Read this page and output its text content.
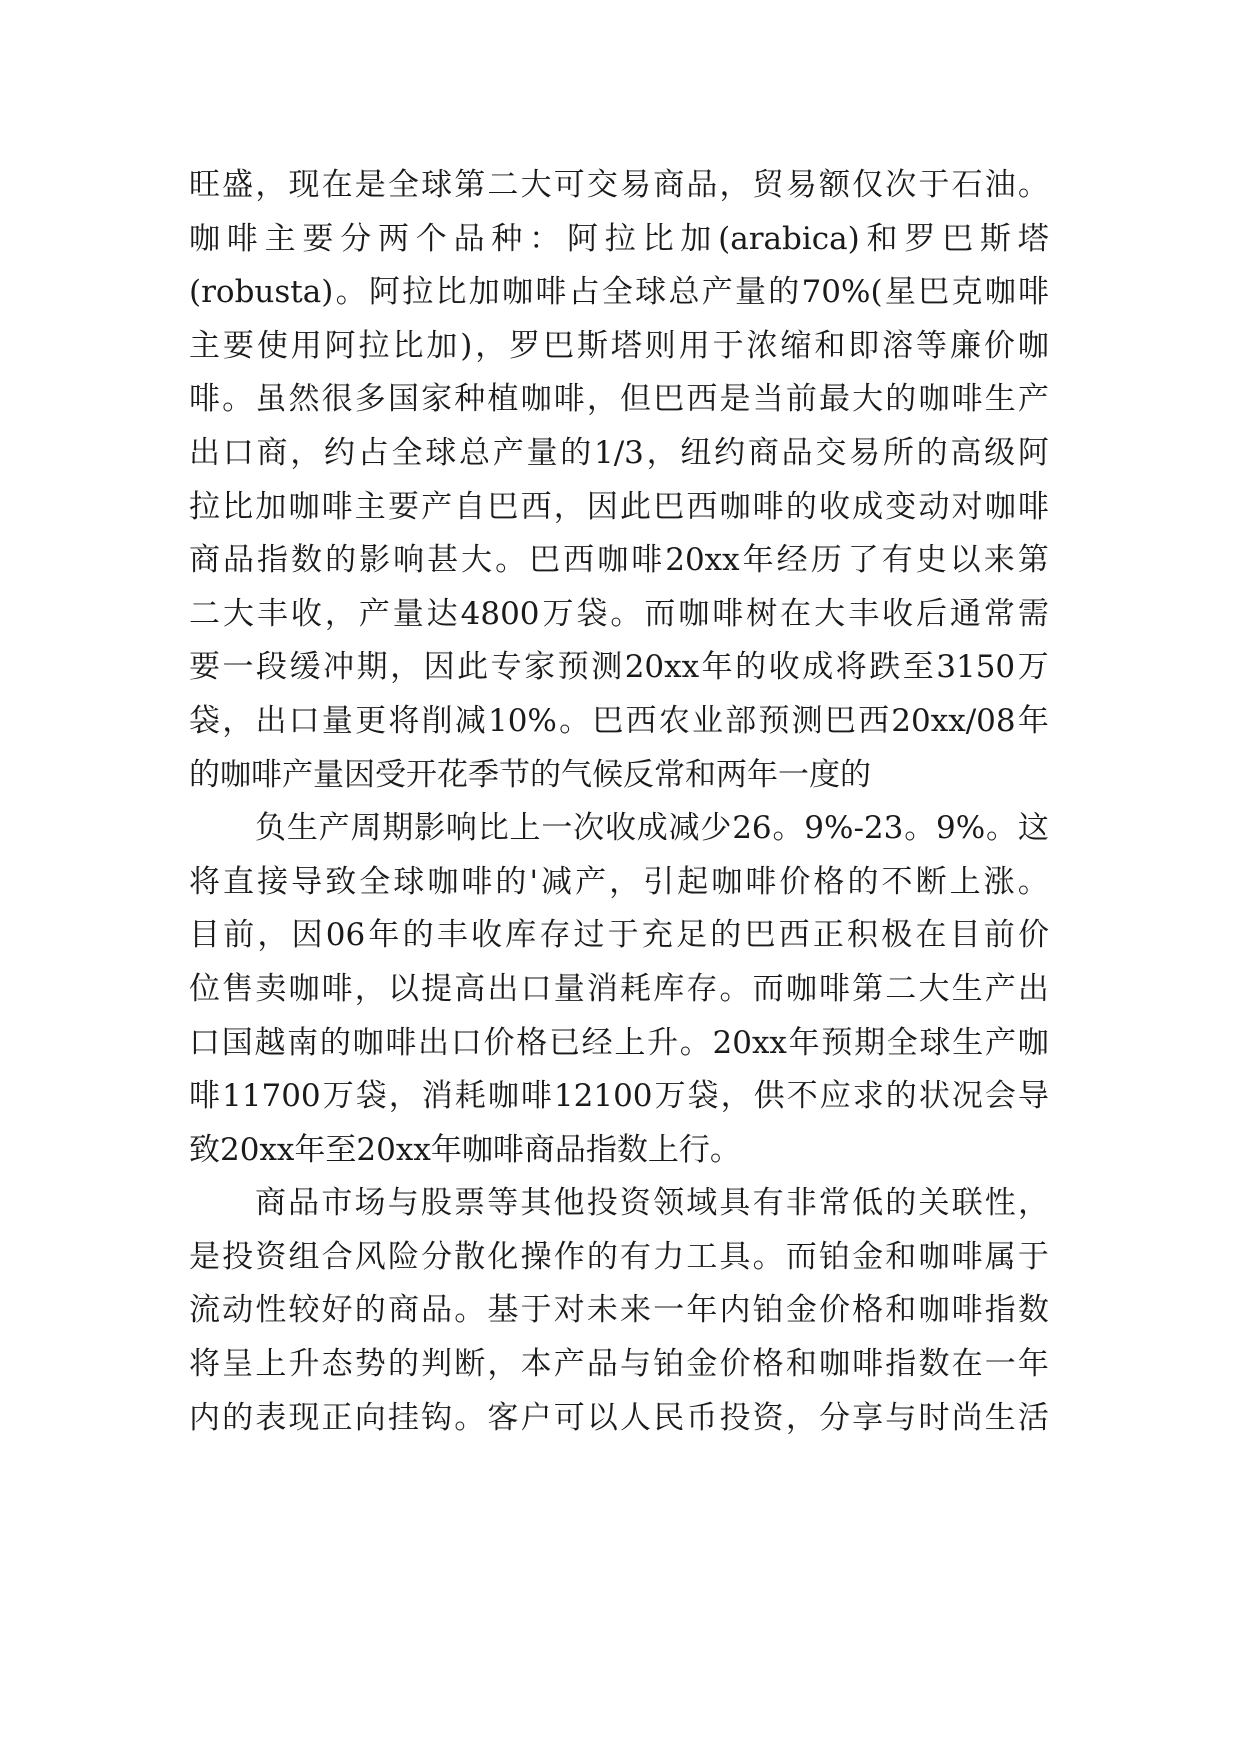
旺 盛 ， 现 在 是 全 球 第 二 大 可 交 易 商 品 ， 贸 易 额 仅 次 于 石 油 。
咖 啡 主 要 分 两 个 品 种 ： 阿 拉 比 加 (arabica) 和 罗 巴 斯 塔
(robusta) 。 阿 拉 比 加 咖 啡 占 全 球 总 产 量 的 70%( 星 巴 克 咖 啡
主 要 使 用 阿 拉 比 加 ) ， 罗 巴 斯 塔 则 用 于 浓 缩 和 即 溶 等 廉 价 咖
啡 。 虽 然 很 多 国 家 种 植 咖 啡 ， 但 巴 西 是 当 前 最 大 的 咖 啡 生 产
出 口 商 ， 约 占 全 球 总 产 量 的 1/3 ， 纽 约 商 品 交 易 所 的 高 级 阿
拉 比 加 咖 啡 主 要 产 自 巴 西 ， 因 此 巴 西 咖 啡 的 收 成 变 动 对 咖 啡
商 品 指 数 的 影 响 甚 大 。 巴 西 咖 啡 20xx 年 经 历 了 有 史 以 来 第
二 大 丰 收 ， 产 量 达 4800 万 袋 。 而 咖 啡 树 在 大 丰 收 后 通 常 需
要 一 段 缓 冲 期 ， 因 此 专 家 预 测 20xx 年 的 收 成 将 跌 至 3150 万
袋 ， 出 口 量 更 将 削 减 10% 。 巴 西 农 业 部 预 测 巴 西 20xx/08 年
的咖啡产量因受开花季节的气候反常和两年一度的
负 生 产 周 期 影 响 比 上 一 次 收 成 减 少 26 。 9%-23 。 9% 。 这
将 直 接 导 致 全 球 咖 啡 的 ' 减 产 ， 引 起 咖 啡 价 格 的 不 断 上 涨 。
目 前 ， 因 06 年 的 丰 收 库 存 过 于 充 足 的 巴 西 正 积 极 在 目 前 价
位 售 卖 咖 啡 ， 以 提 高 出 口 量 消 耗 库 存 。 而 咖 啡 第 二 大 生 产 出
口 国 越 南 的 咖 啡 出 口 价 格 已 经 上 升 。 20xx 年 预 期 全 球 生 产 咖
啡 11700 万 袋 ， 消 耗 咖 啡 12100 万 袋 ， 供 不 应 求 的 状 况 会 导
致20xx年至20xx年咖啡商品指数上行。
商 品 市 场 与 股 票 等 其 他 投 资 领 域 具 有 非 常 低 的 关 联 性 ，
是 投 资 组 合 风 险 分 散 化 操 作 的 有 力 工 具 。 而 铂 金 和 咖 啡 属 于
流 动 性 较 好 的 商 品 。 基 于 对 未 来 一 年 内 铂 金 价 格 和 咖 啡 指 数
将 呈 上 升 态 势 的 判 断 ， 本 产 品 与 铂 金 价 格 和 咖 啡 指 数 在 一 年
内 的 表 现 正 向 挂 钩 。 客 户 可 以 人 民 币 投 资 ， 分 享 与 时 尚 生 活
